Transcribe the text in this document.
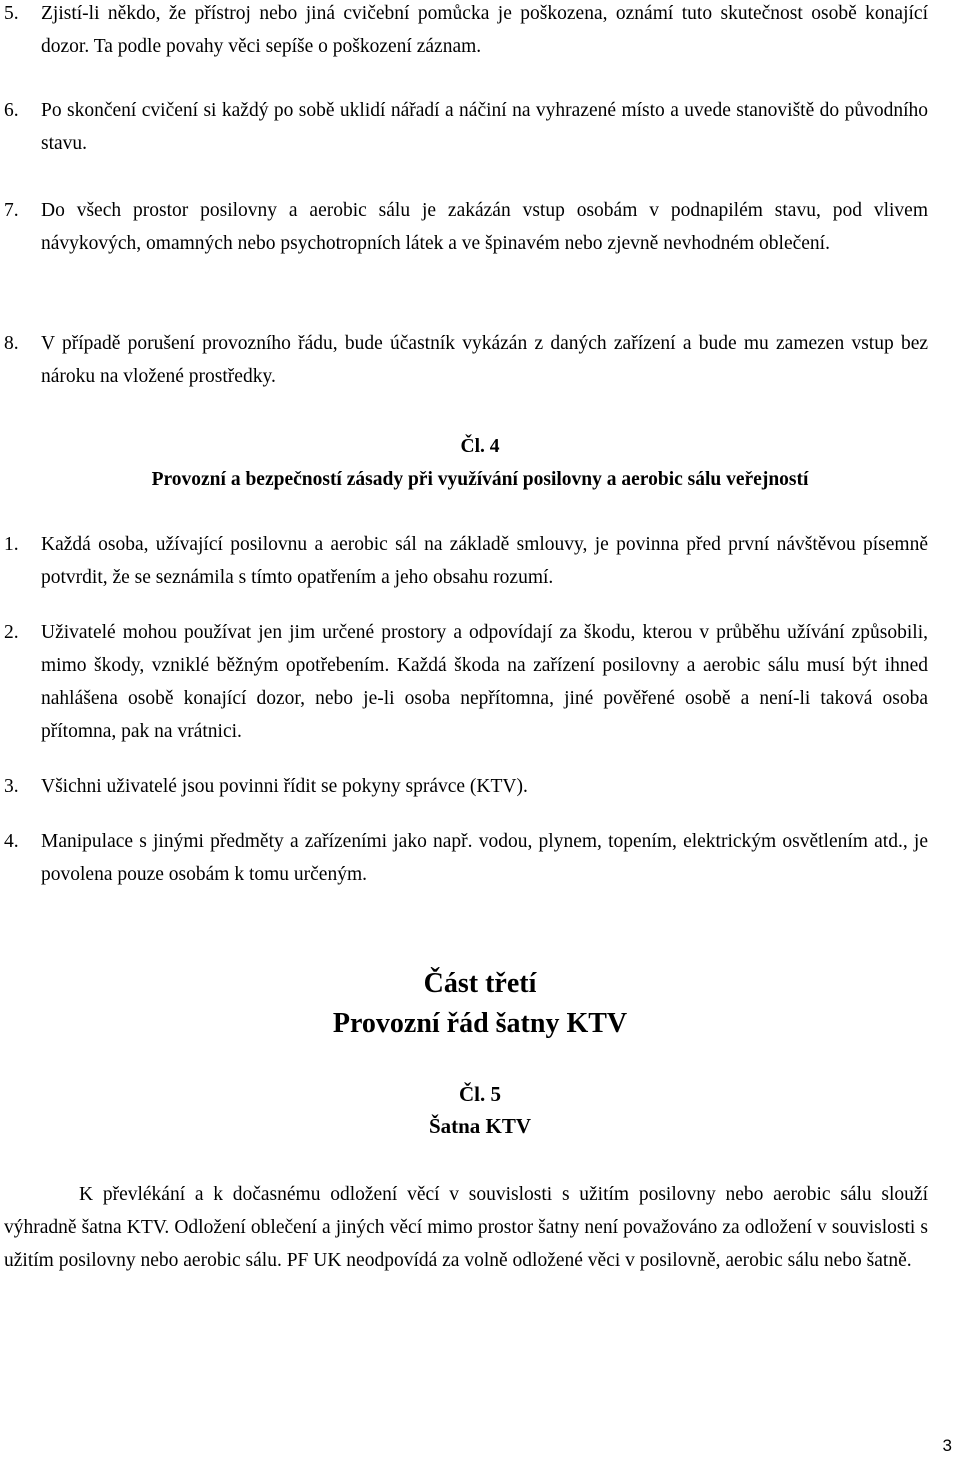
5. Zjistí-li někdo, že přístroj nebo jiná cvičební pomůcka je poškozena, oznámí tuto skutečnost osobě konající dozor. Ta podle povahy věci sepíše o poškození záznam.
6. Po skončení cvičení si každý po sobě uklidí nářadí a náčiní na vyhrazené místo a uvede stanoviště do původního stavu.
7. Do všech prostor posilovny a aerobic sálu je zakázán vstup osobám v podnapilém stavu, pod vlivem návykových, omamných nebo psychotropních látek a ve špinavém nebo zjevně nevhodném oblečení.
8. V případě porušení provozního řádu, bude účastník vykázán z daných zařízení a bude mu zamezen vstup bez nároku na vložené prostředky.
Čl. 4
Provozní a bezpečností zásady při využívání posilovny a aerobic sálu veřejností
1. Každá osoba, užívající posilovnu a aerobic sál na základě smlouvy, je povinna před první návštěvou písemně potvrdit, že se seznámila s tímto opatřením a jeho obsahu rozumí.
2. Uživatelé mohou používat jen jim určené prostory a odpovídají za škodu, kterou v průběhu užívání způsobili, mimo škody, vzniklé běžným opotřebením. Každá škoda na zařízení posilovny a aerobic sálu musí být ihned nahlášena osobě konající dozor, nebo je-li osoba nepřítomna, jiné pověřené osobě a není-li taková osoba přítomna, pak na vrátnici.
3. Všichni uživatelé jsou povinni řídit se pokyny správce (KTV).
4. Manipulace s jinými předměty a zařízeními jako např. vodou, plynem, topením, elektrickým osvětlením atd., je povolena pouze osobám k tomu určeným.
Část třetí
Provozní řád šatny KTV
Čl. 5
Šatna KTV
K převlékání a k dočasnému odložení věcí v souvislosti s užitím posilovny nebo aerobic sálu slouží výhradně šatna KTV. Odložení oblečení a jiných věcí mimo prostor šatny není považováno za odložení v souvislosti s užitím posilovny nebo aerobic sálu. PF UK neodpovídá za volně odložené věci v posilovně, aerobic sálu nebo šatně.
3
